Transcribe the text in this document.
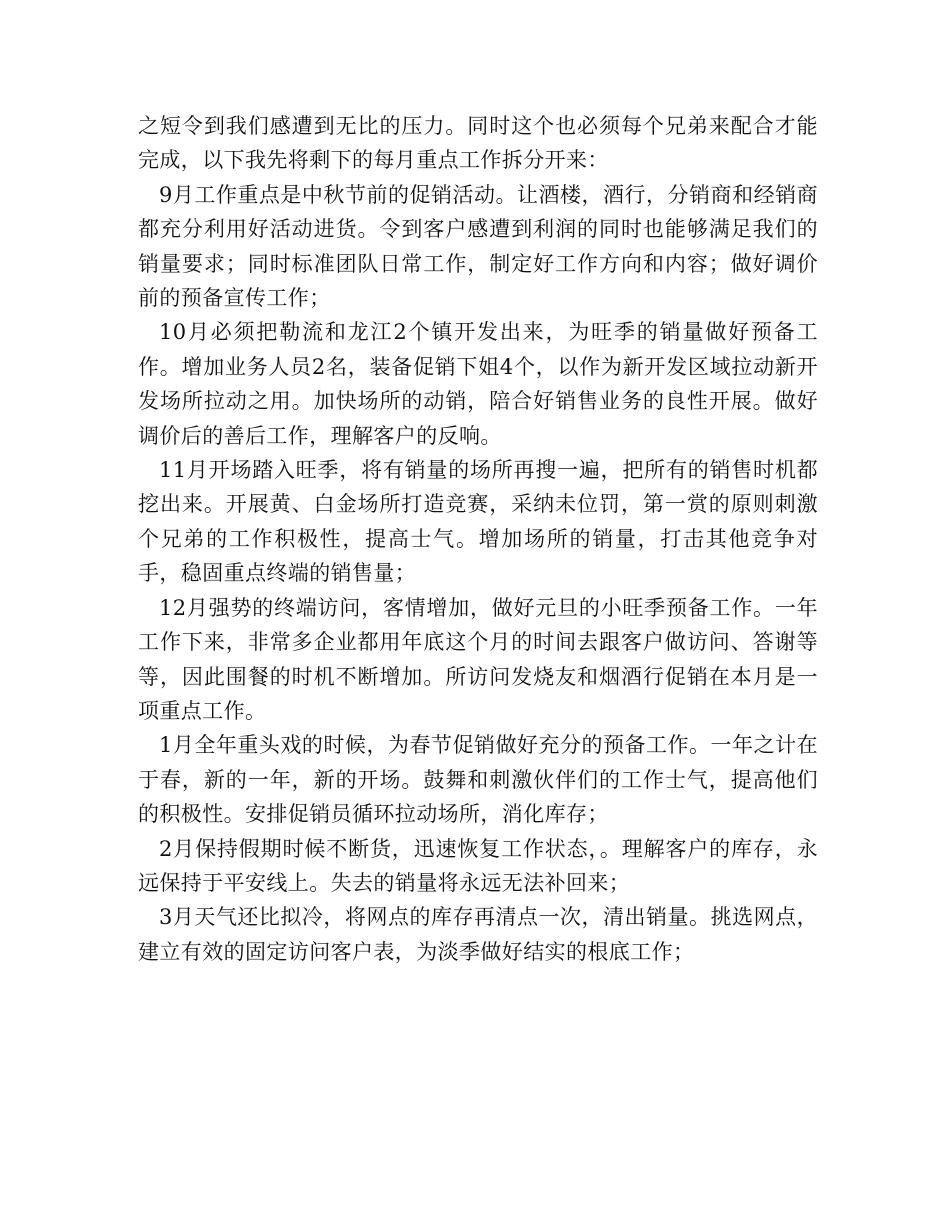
之短令到我们感遭到无比的压力。同时这个也必须每个兄弟来配合才能完成，以下我先将剩下的每月重点工作拆分开来：

9月工作重点是中秋节前的促销活动。让酒楼，酒行，分销商和经销商都充分利用好活动进货。令到客户感遭到利润的同时也能够满足我们的销量要求；同时标准团队日常工作，制定好工作方向和内容；做好调价前的预备宣传工作；

10月必须把勒流和龙江2个镇开发出来，为旺季的销量做好预备工作。增加业务人员2名，装备促销下姐4个，以作为新开发区域拉动新开发场所拉动之用。加快场所的动销，陪合好销售业务的良性开展。做好调价后的善后工作，理解客户的反响。

11月开场踏入旺季，将有销量的场所再搜一遍，把所有的销售时机都挖出来。开展黄、白金场所打造竞赛，采纳未位罚，第一赏的原则刺激个兄弟的工作积极性，提高士气。增加场所的销量，打击其他竞争对手，稳固重点终端的销售量；

12月强势的终端访问，客情增加，做好元旦的小旺季预备工作。一年工作下来，非常多企业都用年底这个月的时间去跟客户做访问、答谢等等，因此围餐的时机不断增加。所访问发烧友和烟酒行促销在本月是一项重点工作。

1月全年重头戏的时候，为春节促销做好充分的预备工作。一年之计在于春，新的一年，新的开场。鼓舞和刺激伙伴们的工作士气，提高他们的积极性。安排促销员循环拉动场所，消化库存；

2月保持假期时候不断货，迅速恢复工作状态，。理解客户的库存，永远保持于平安线上。失去的销量将永远无法补回来；

3月天气还比拟冷，将网点的库存再清点一次，清出销量。挑选网点，建立有效的固定访问客户表，为淡季做好结实的根底工作；
